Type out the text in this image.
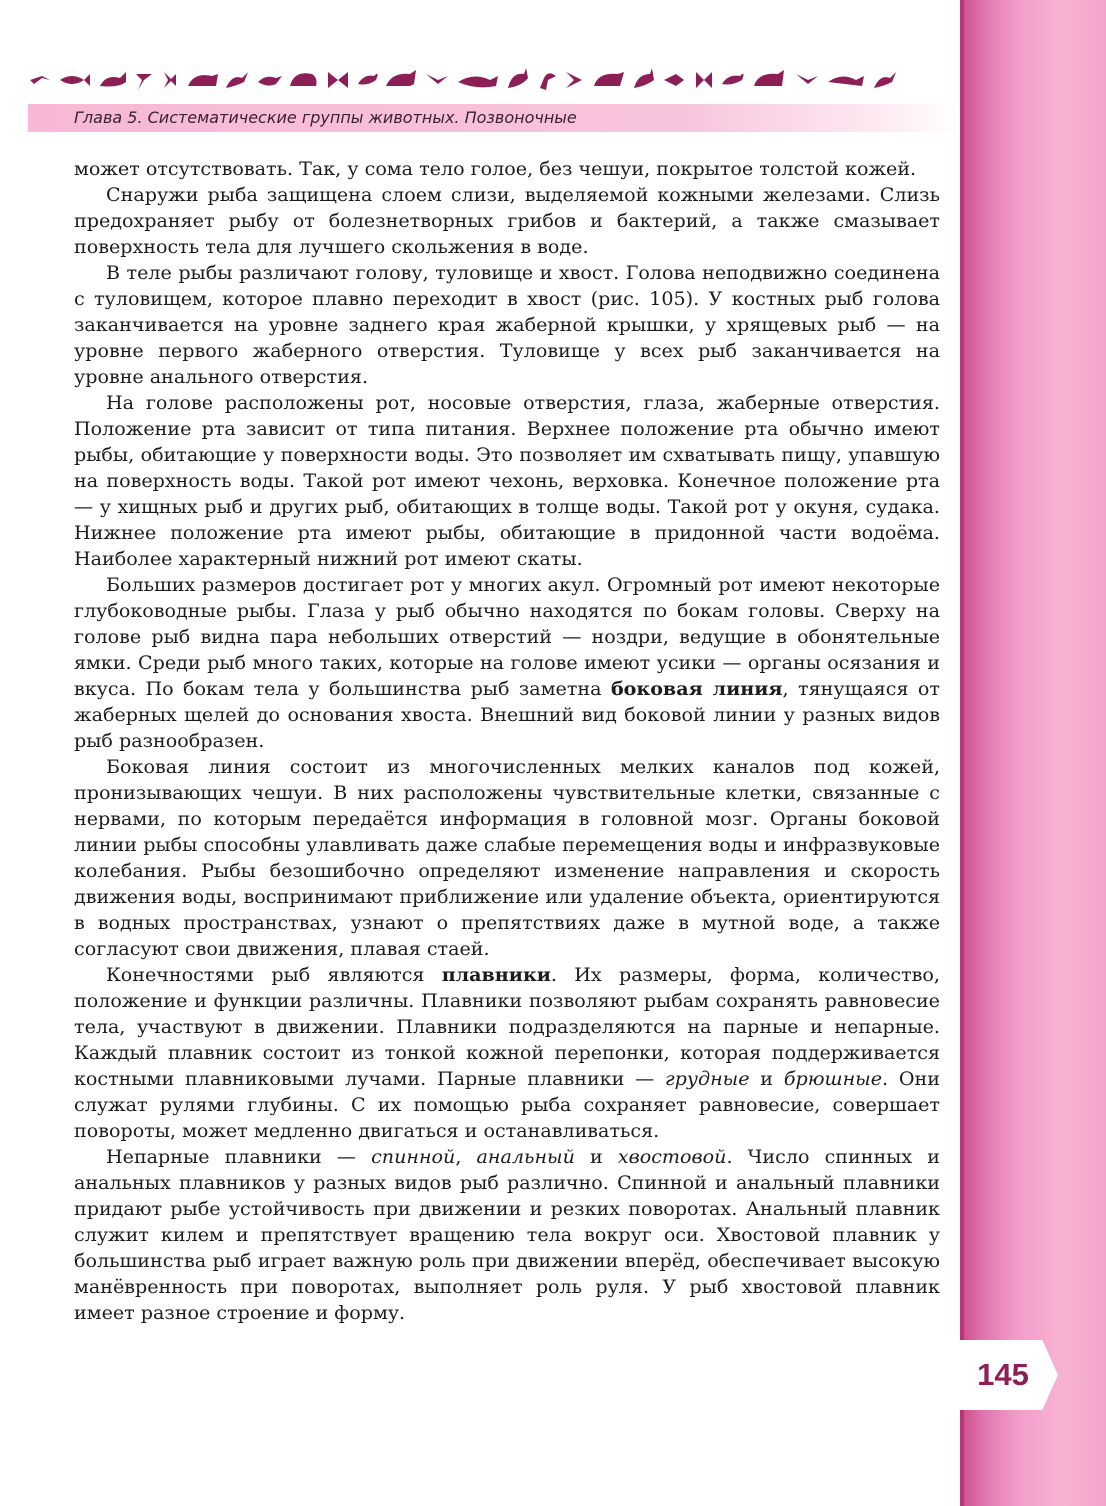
Глава 5. Систематические группы животных. Позвоночные

может отсутствовать. Так, у сома тело голое, без чешуи, покрытое толстой кожей.

Снаружи рыба защищена слоем слизи, выделяемой кожными железами. Слизь предохраняет рыбу от болезнетворных грибов и бактерий, а также смазывает поверхность тела для лучшего скольжения в воде.

В теле рыбы различают голову, туловище и хвост. Голова неподвижно соединена с туловищем, которое плавно переходит в хвост (рис. 105). У костных рыб голова заканчивается на уровне заднего края жаберной крышки, у хрящевых рыб — на уровне первого жаберного отверстия. Туловище у всех рыб заканчивается на уровне анального отверстия.

На голове расположены рот, носовые отверстия, глаза, жаберные отверстия. Положение рта зависит от типа питания. Верхнее положение рта обычно имеют рыбы, обитающие у поверхности воды. Это позволяет им схватывать пищу, упавшую на поверхность воды. Такой рот имеют чехонь, верховка. Конечное положение рта — у хищных рыб и других рыб, обитающих в толще воды. Такой рот у окуня, судака. Нижнее положение рта имеют рыбы, обитающие в придонной части водоёма. Наиболее характерный нижний рот имеют скаты.

Больших размеров достигает рот у многих акул. Огромный рот имеют некоторые глубоководные рыбы. Глаза у рыб обычно находятся по бокам головы. Сверху на голове рыб видна пара небольших отверстий — ноздри, ведущие в обонятельные ямки. Среди рыб много таких, которые на голове имеют усики — органы осязания и вкуса. По бокам тела у большинства рыб заметна боковая линия, тянущаяся от жаберных щелей до основания хвоста. Внешний вид боковой линии у разных видов рыб разнообразен.

Боковая линия состоит из многочисленных мелких каналов под кожей, пронизывающих чешуи. В них расположены чувствительные клетки, связанные с нервами, по которым передаётся информация в головной мозг. Органы боковой линии рыбы способны улавливать даже слабые перемещения воды и инфразвуковые колебания. Рыбы безошибочно определяют изменение направления и скорость движения воды, воспринимают приближение или удаление объекта, ориентируются в водных пространствах, узнают о препятствиях даже в мутной воде, а также согласуют свои движения, плавая стаей.

Конечностями рыб являются плавники. Их размеры, форма, количество, положение и функции различны. Плавники позволяют рыбам сохранять равновесие тела, участвуют в движении. Плавники подразделяются на парные и непарные. Каждый плавник состоит из тонкой кожной перепонки, которая поддерживается костными плавниковыми лучами. Парные плавники — грудные и брюшные. Они служат рулями глубины. С их помощью рыба сохраняет равновесие, совершает повороты, может медленно двигаться и останавливаться.

Непарные плавники — спинной, анальный и хвостовой. Число спинных и анальных плавников у разных видов рыб различно. Спинной и анальный плавники придают рыбе устойчивость при движении и резких поворотах. Анальный плавник служит килем и препятствует вращению тела вокруг оси. Хвостовой плавник у большинства рыб играет важную роль при движении вперёд, обеспечивает высокую манёвренность при поворотах, выполняет роль руля. У рыб хвостовой плавник имеет разное строение и форму.

145
